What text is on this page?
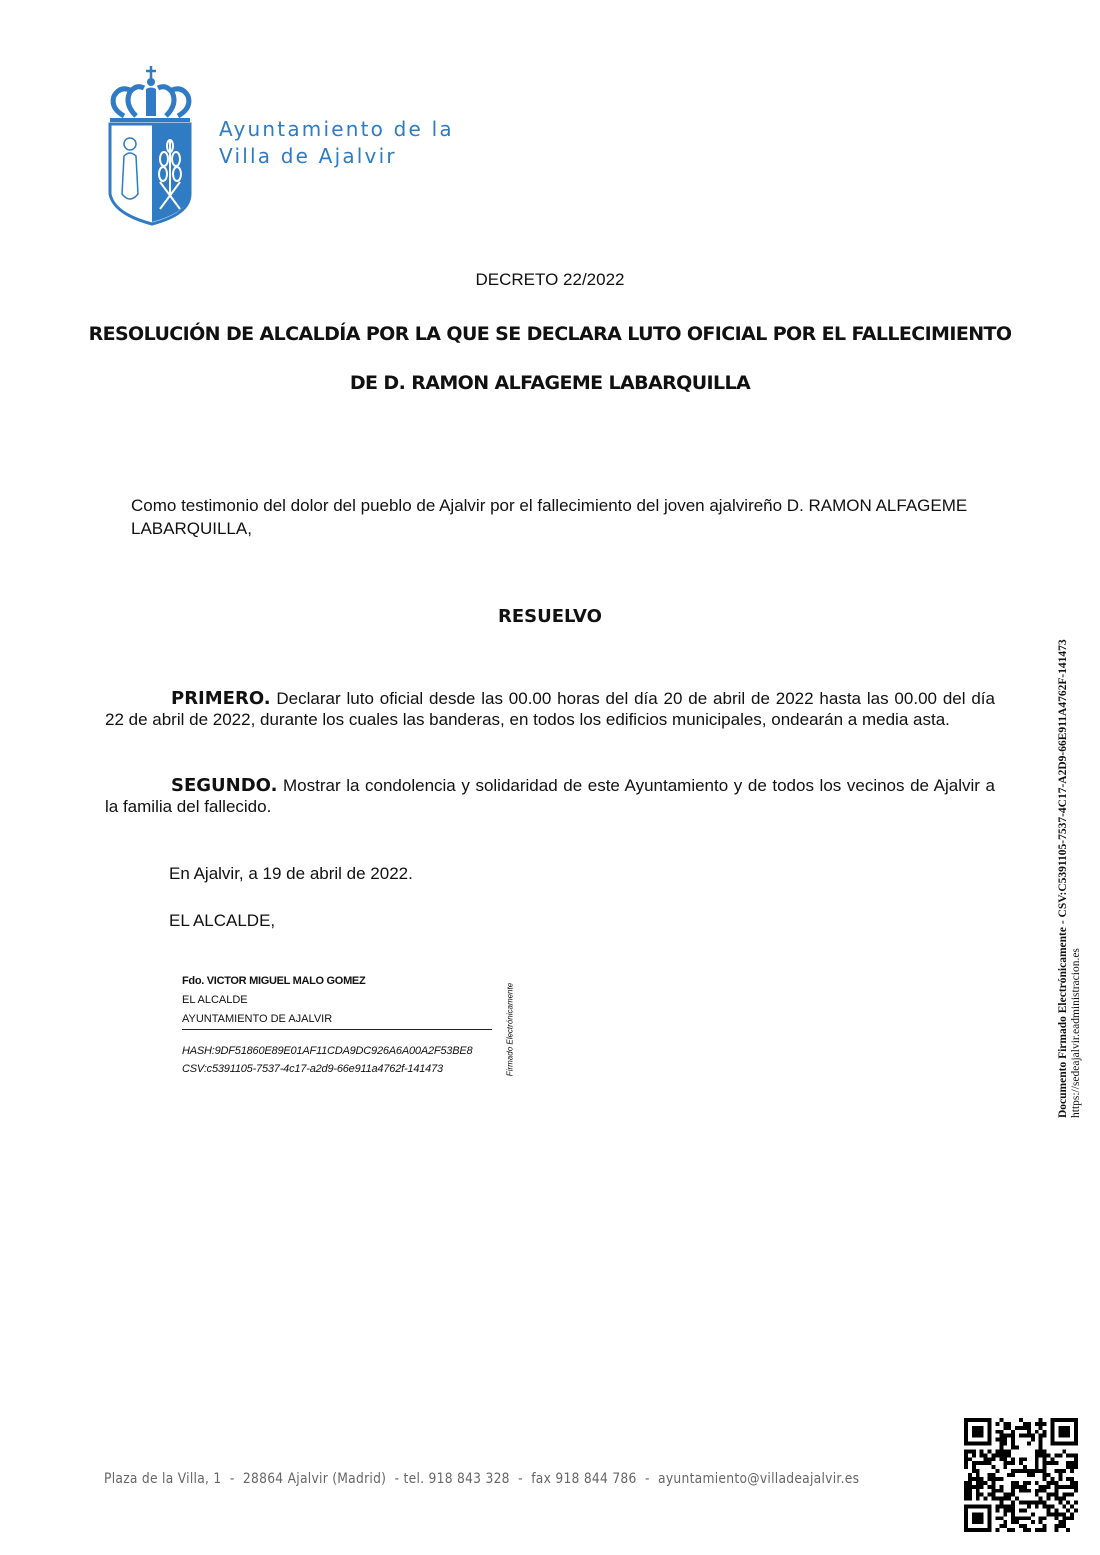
Ayuntamiento de la
Villa de Ajalvir
DECRETO 22/2022
RESOLUCIÓN DE ALCALDÍA POR LA QUE SE DECLARA LUTO OFICIAL POR EL FALLECIMIENTO
DE D. RAMON ALFAGEME LABARQUILLA
Como testimonio del dolor del pueblo de Ajalvir por el fallecimiento del joven ajalvireño D. RAMON ALFAGEME LABARQUILLA,
RESUELVO
PRIMERO. Declarar luto oficial desde las 00.00 horas del día 20 de abril de 2022 hasta las 00.00 del día 22 de abril de 2022, durante los cuales las banderas, en todos los edificios municipales, ondearán a media asta.
SEGUNDO. Mostrar la condolencia y solidaridad de este Ayuntamiento y de todos los vecinos de Ajalvir a la familia del fallecido.
En Ajalvir, a 19 de abril de 2022.
EL ALCALDE,
Fdo. VICTOR MIGUEL MALO GOMEZ
EL ALCALDE
AYUNTAMIENTO DE AJALVIR
HASH:9DF51860E89E01AF11CDA9DC926A6A00A2F53BE8
CSV:c5391105-7537-4c17-a2d9-66e911a4762f-141473	Firmado Electrónicamente	Documento Firmado Electrónicamente - CSV:C5391105-7537-4C17-A2D9-66E911A4762F-141473 https://sedeajalvir.eadministracion.es
Plaza de la Villa, 1  -  28864 Ajalvir (Madrid)  - tel. 918 843 328  -  fax 918 844 786  -  ayuntamiento@villadeajalvir.es
